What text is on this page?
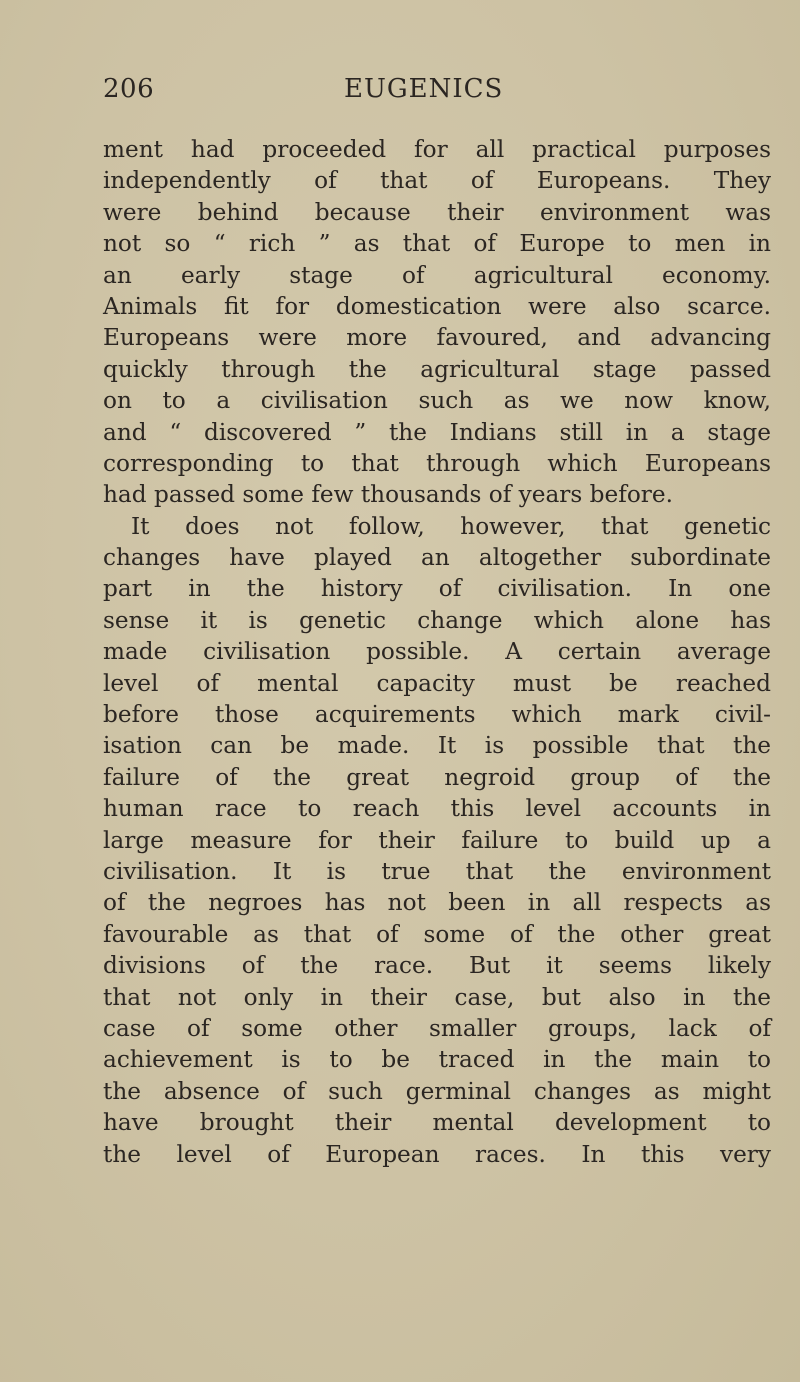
206	EUGENICS
ment had proceeded for all practical purposes
independently of that of Europeans. They
were behind because their environment was
not so “ rich ” as that of Europe to men in
an early stage of agricultural economy.
Animals fit for domestication were also scarce.
Europeans were more favoured, and advancing
quickly through the agricultural stage passed
on to a civilisation such as we now know,
and “ discovered ” the Indians still in a stage
corresponding to that through which Europeans
had passed some few thousands of years before.
It does not follow, however, that genetic
changes have played an altogether subordinate
part in the history of civilisation. In one
sense it is genetic change which alone has
made civilisation possible. A certain average
level of mental capacity must be reached
before those acquirements which mark civil-
isation can be made. It is possible that the
failure of the great negroid group of the
human race to reach this level accounts in
large measure for their failure to build up a
civilisation. It is true that the environment
of the negroes has not been in all respects as
favourable as that of some of the other great
divisions of the race. But it seems likely
that not only in their case, but also in the
case of some other smaller groups, lack of
achievement is to be traced in the main to
the absence of such germinal changes as might
have brought their mental development to
the level of European races. In this very
